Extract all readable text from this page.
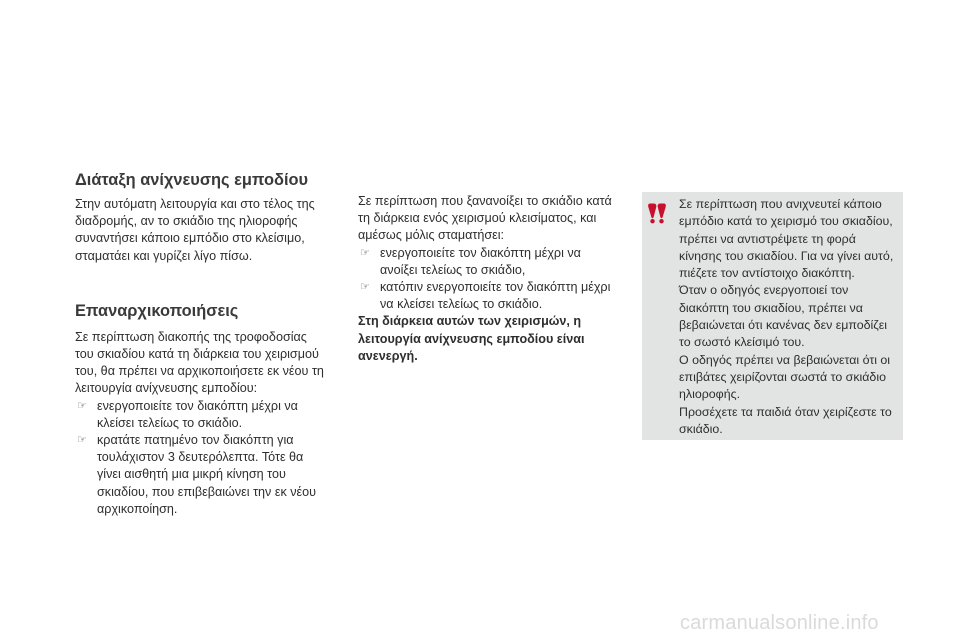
Διάταξη ανίχνευσης εμποδίου

Στην αυτόματη λειτουργία και στο τέλος της διαδρομής, αν το σκιάδιο της ηλιοροφής συναντήσει κάποιο εμπόδιο στο κλείσιμο, σταματάει και γυρίζει λίγο πίσω.

Επαναρχικοποιήσεις

Σε περίπτωση διακοπής της τροφοδοσίας του σκιαδίου κατά τη διάρκεια του χειρισμού του, θα πρέπει να αρχικοποιήσετε εκ νέου τη λειτουργία ανίχνευσης εμποδίου:

☞ ενεργοποιείτε τον διακόπτη μέχρι να κλείσει τελείως το σκιάδιο.
☞ κρατάτε πατημένο τον διακόπτη για τουλάχιστον 3 δευτερόλεπτα. Τότε θα γίνει αισθητή μια μικρή κίνηση του σκιαδίου, που επιβεβαιώνει την εκ νέου αρχικοποίηση.

Σε περίπτωση που ξανανοίξει το σκιάδιο κατά τη διάρκεια ενός χειρισμού κλεισίματος, και αμέσως μόλις σταματήσει:

☞ ενεργοποιείτε τον διακόπτη μέχρι να ανοίξει τελείως το σκιάδιο,
☞ κατόπιν ενεργοποιείτε τον διακόπτη μέχρι να κλείσει τελείως το σκιάδιο.

Στη διάρκεια αυτών των χειρισμών, η λειτουργία ανίχνευσης εμποδίου είναι ανενεργή.

Σε περίπτωση που ανιχνευτεί κάποιο εμπόδιο κατά το χειρισμό του σκιαδίου, πρέπει να αντιστρέψετε τη φορά κίνησης του σκιαδίου. Για να γίνει αυτό, πιέζετε τον αντίστοιχο διακόπτη.

Όταν ο οδηγός ενεργοποιεί τον διακόπτη του σκιαδίου, πρέπει να βεβαιώνεται ότι κανένας δεν εμποδίζει το σωστό κλείσιμό του.

Ο οδηγός πρέπει να βεβαιώνεται ότι οι επιβάτες χειρίζονται σωστά το σκιάδιο ηλιοροφής.

Προσέχετε τα παιδιά όταν χειρίζεστε το σκιάδιο.

carmanualsonline.info
